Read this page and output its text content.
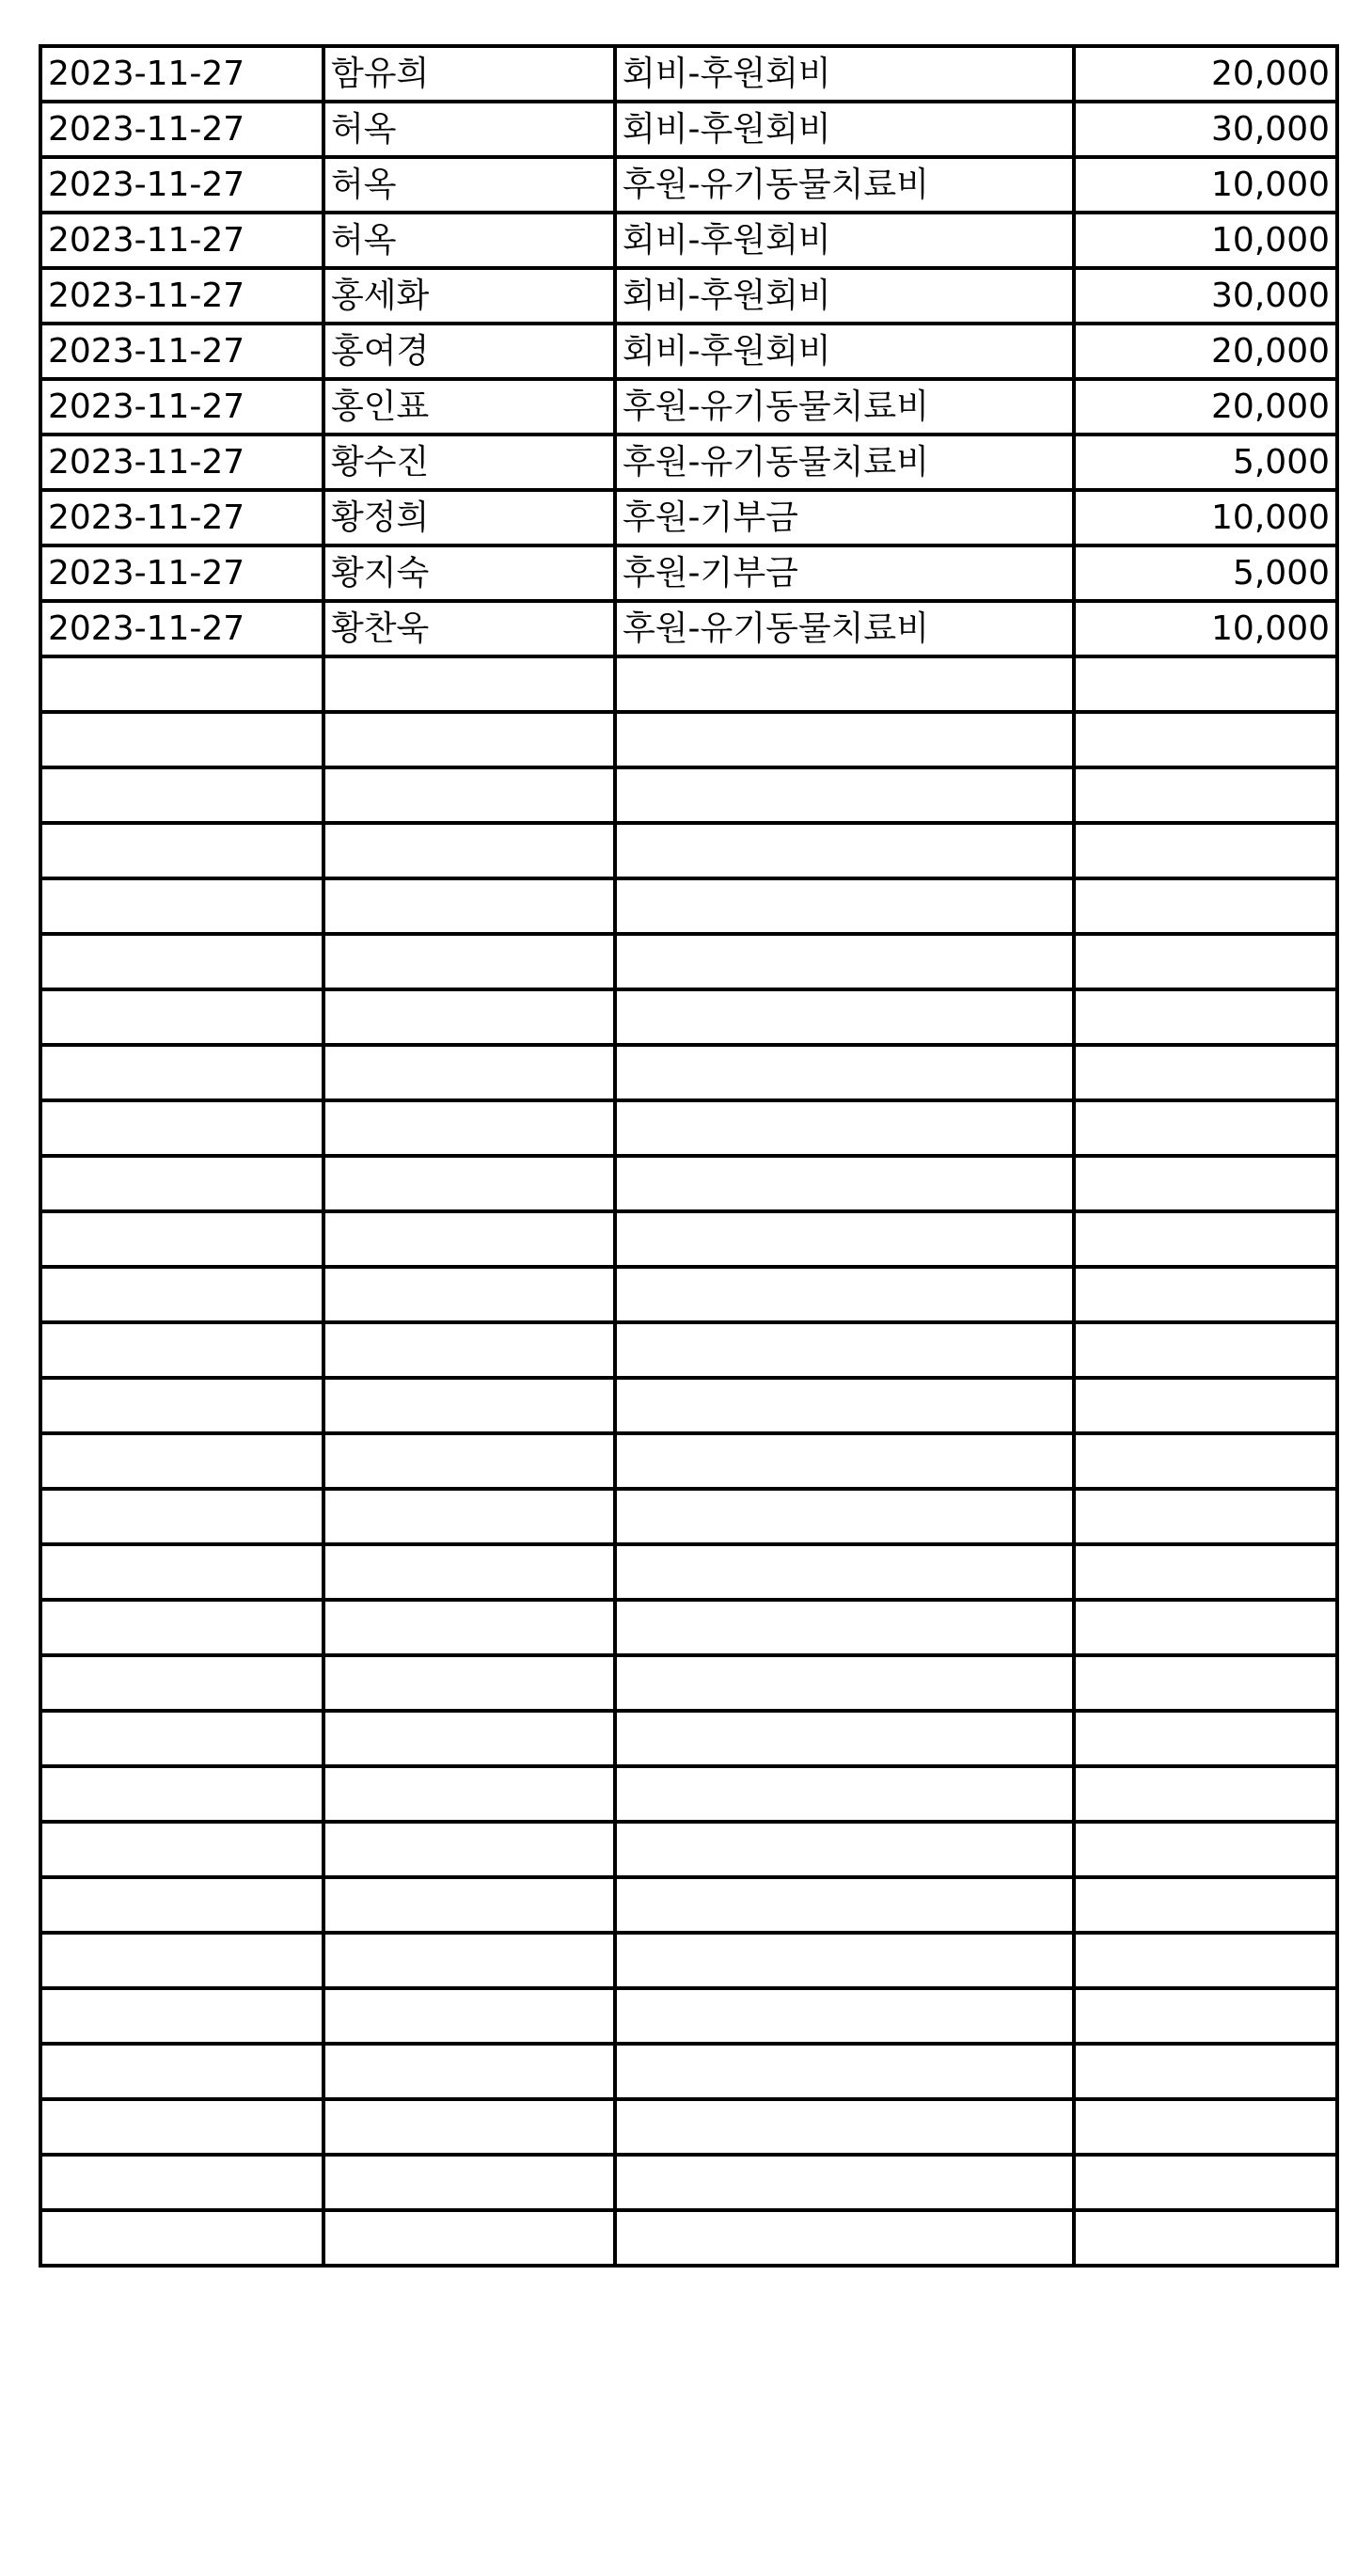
2023-11-27	함유희	회비-후원회비	20,000
2023-11-27	허옥	회비-후원회비	30,000
2023-11-27	허옥	후원-유기동물치료비	10,000
2023-11-27	허옥	회비-후원회비	10,000
2023-11-27	홍세화	회비-후원회비	30,000
2023-11-27	홍여경	회비-후원회비	20,000
2023-11-27	홍인표	후원-유기동물치료비	20,000
2023-11-27	황수진	후원-유기동물치료비	5,000
2023-11-27	황정희	후원-기부금	10,000
2023-11-27	황지숙	후원-기부금	5,000
2023-11-27	황찬욱	후원-유기동물치료비	10,000
